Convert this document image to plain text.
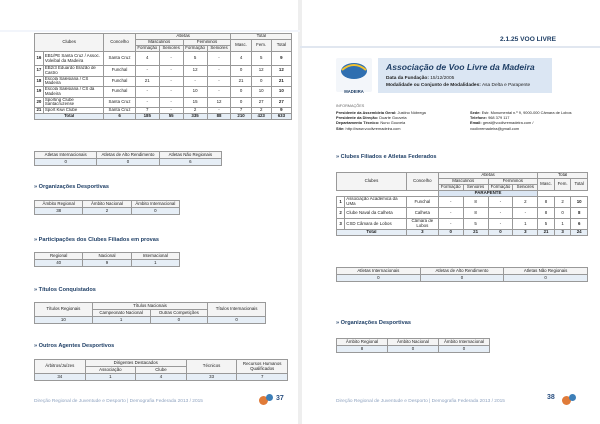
Clubes		Concelho	Atletas				Total		
			Masculinos		Femininos		Masc.	Fem.	Total
			Formação	Seniores	Formação	Seniores			
16	EB1/PE Santa Cruz / Assoc. Voleibal da Madeira	Santa Cruz	4	-	5	-	4	5	9
17	EB2/3 Eduardo Brazão de Castro	Funchal	-	-	12	-	0	12	12
18	Escola Salesiana / CS Madeira	Funchal	21	-	-	-	21	0	21
19	Escola Salesiana / CS da Madeira	Funchal	-	-	10	-	0	10	10
20	Sporting Clube Santacruzense	Santa Cruz	-	-	15	12	0	27	27
21	Sport Kiwi Clube	Santa Cruz	7	-	2	-	7	2	9
Total		6	185	55	335	88	210	423	633
Atletas Internacionais	Atletas de Alto Rendimento	Atletas Não Regionais
0	0	6
» Organizações Desportivas
Âmbito Regional	Âmbito Nacional	Âmbito Internacional
38	2	0
» Participações dos Clubes Filiados em provas
Regional	Nacional	Internacional
40	9	1
» Títulos Conquistados
Títulos Regionais	Títulos Nacionais		Títulos Internacionais
	Campeonato Nacional	Outras Competições	
10	1	0	0
» Outros Agentes Desportivos
Árbitros/Juízes	Dirigentes Destacados		Técnicos	Recursos Humanos Qualificados
	Associação	Clube		
34	1	4	33	7
Direção Regional de Juventude e Desporto | Demografia Federada 2013 / 2015	37
2.1.25 VOO LIVRE
MADEIRA
Associação de Voo Livre da Madeira
Data da Fundação: 15/12/2005
Modalidade ou Conjunto de Modalidades: Asa Delta e Parapente
INFORMAÇÕES
Presidente da Assembleia Geral: Justino Nóbrega
Presidente da Direção: Duarte Gouveia
Departamento Técnico: Nuno Gouveia
Site: http://www.voolivremadeira.com
Sede: Estr. Monumental n.º 9, 9000-000 Câmara de Lobos
Telefone: 968 379 117
Email: geral@voolivremadeira.com / voolivremadeira@gmail.com
» Clubes Filiados e Atletas Federados
Clubes		Concelho	Atletas				Total		
			Masculinos		Femininos		Masc.	Fem.	Total
			Formação	Seniores	Formação	Seniores			
			PARAPENTE						
1	Associação Académica da UMa	Funchal	-	8	-	2	8	2	10
2	Clube Naval da Calheta	Calheta	-	8	-	-	8	0	8
3	CSD Câmara de Lobos	Câmara de Lobos	-	5	-	1	5	1	6
Total		3	0	21	0	3	21	3	24
Atletas Internacionais	Atletas de Alto Rendimento	Atletas Não Regionais
0	0	0
» Organizações Desportivas
Âmbito Regional	Âmbito Nacional	Âmbito Internacional
8	0	0
Direção Regional de Juventude e Desporto | Demografia Federada 2013 / 2015
38
